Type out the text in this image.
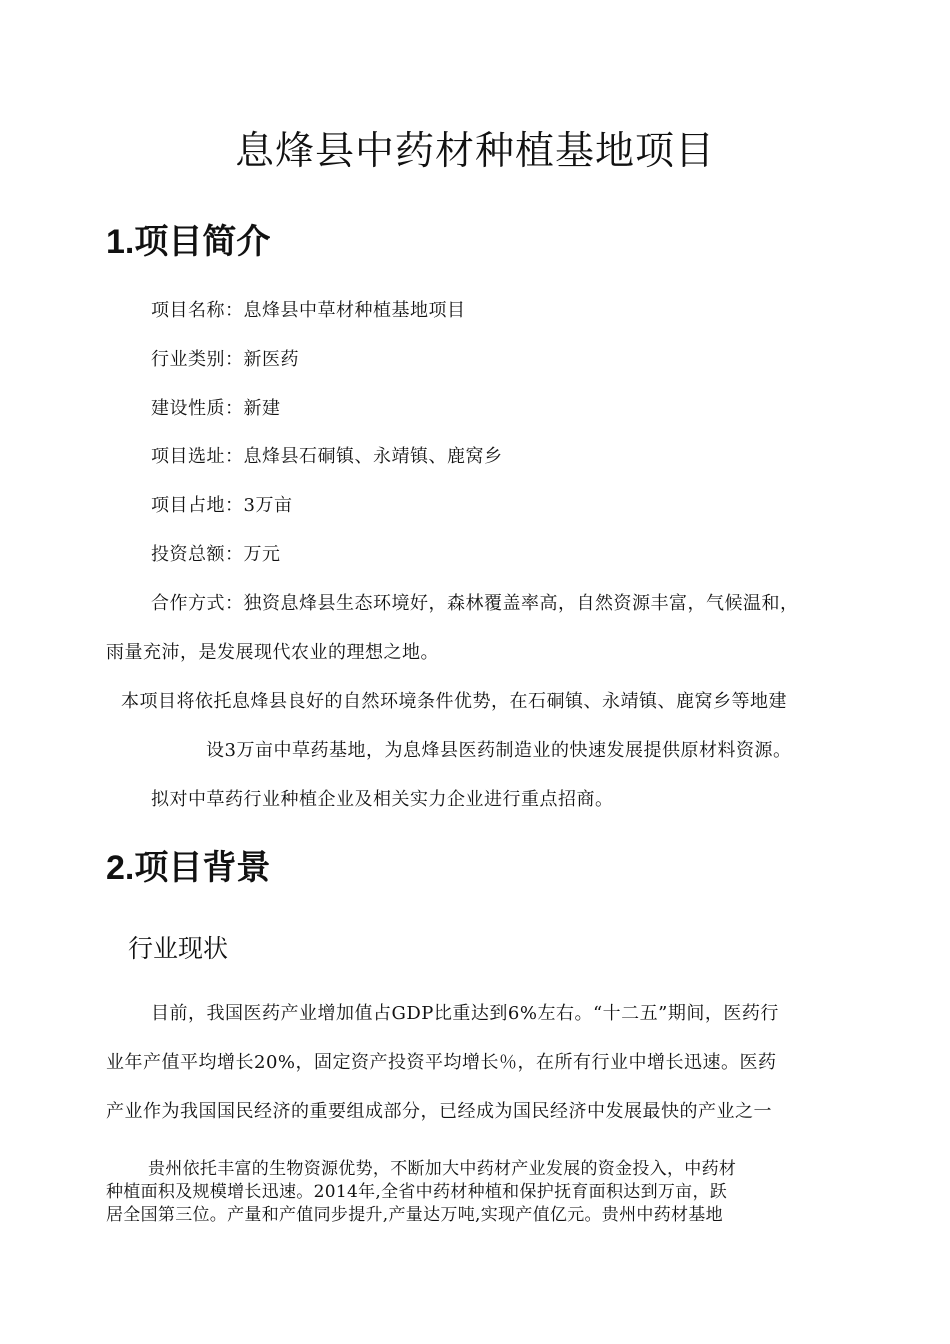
息烽县中药材种植基地项目
1.项目简介
项目名称：息烽县中草材种植基地项目
行业类别：新医药
建设性质：新建
项目选址：息烽县石硐镇、永靖镇、鹿窝乡
项目占地：3万亩
投资总额：万元
合作方式：独资息烽县生态环境好，森林覆盖率高，自然资源丰富，气候温和，
雨量充沛，是发展现代农业的理想之地。
本项目将依托息烽县良好的自然环境条件优势，在石硐镇、永靖镇、鹿窝乡等地建
设3万亩中草药基地，为息烽县医药制造业的快速发展提供原材料资源。
拟对中草药行业种植企业及相关实力企业进行重点招商。
2.项目背景
行业现状
目前，我国医药产业增加值占GDP比重达到6%左右。“十二五”期间，医药行
业年产值平均增长20%，固定资产投资平均增长％，在所有行业中增长迅速。医药
产业作为我国国民经济的重要组成部分，已经成为国民经济中发展最快的产业之一
贵州依托丰富的生物资源优势，不断加大中药材产业发展的资金投入，中药材
种植面积及规模增长迅速。2014年,全省中药材种植和保护抚育面积达到万亩，跃
居全国第三位。产量和产值同步提升,产量达万吨,实现产值亿元。贵州中药材基地
